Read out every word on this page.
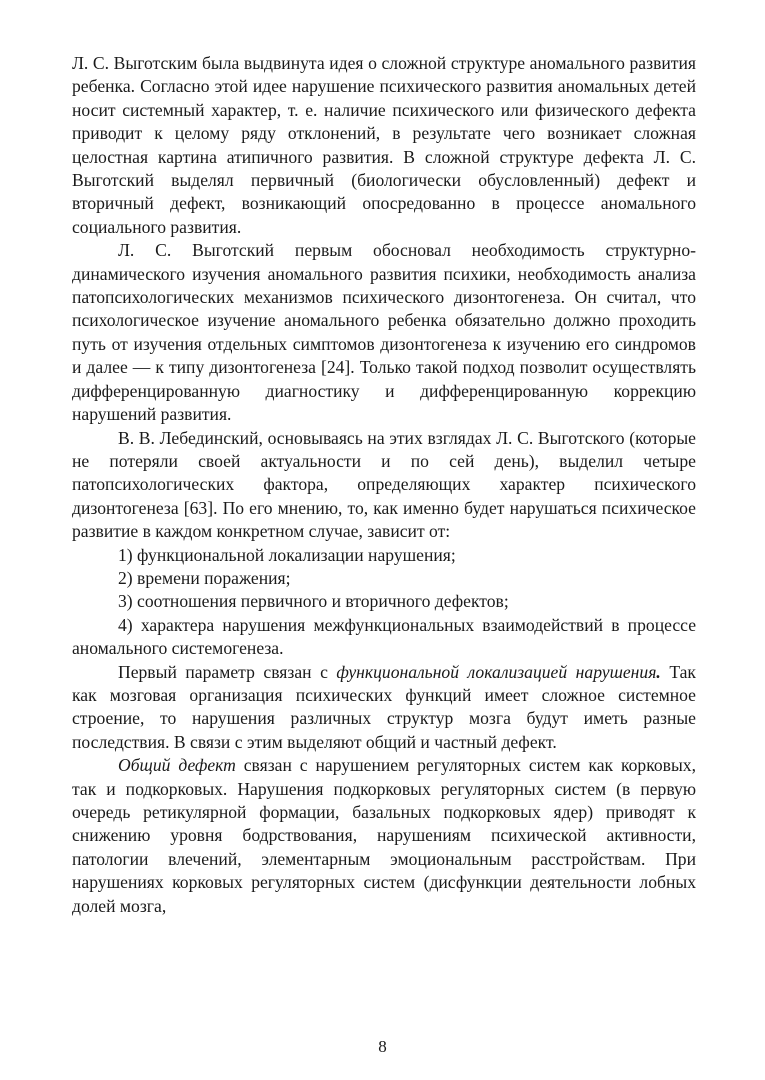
Л. С. Выготским была выдвинута идея о сложной структуре аномального развития ребенка. Согласно этой идее нарушение психического развития аномальных детей носит системный характер, т. е. наличие психического или физического дефекта приводит к целому ряду отклонений, в результате чего возникает сложная целостная картина атипичного развития. В сложной структуре дефекта Л. С. Выготский выделял первичный (биологически обусловленный) дефект и вторичный дефект, возникающий опосредованно в процессе аномального социального развития.

Л. С. Выготский первым обосновал необходимость структурно-динамического изучения аномального развития психики, необходимость анализа патопсихологических механизмов психического дизонтогенеза. Он считал, что психологическое изучение аномального ребенка обязательно должно проходить путь от изучения отдельных симптомов дизонтогенеза к изучению его синдромов и далее — к типу дизонтогенеза [24]. Только такой подход позволит осуществлять дифференцированную диагностику и дифференцированную коррекцию нарушений развития.

В. В. Лебединский, основываясь на этих взглядах Л. С. Выготского (которые не потеряли своей актуальности и по сей день), выделил четыре патопсихологических фактора, определяющих характер психического дизонтогенеза [63]. По его мнению, то, как именно будет нарушаться психическое развитие в каждом конкретном случае, зависит от:

1) функциональной локализации нарушения;

2) времени поражения;

3) соотношения первичного и вторичного дефектов;

4) характера нарушения межфункциональных взаимодействий в процессе аномального системогенеза.

Первый параметр связан с функциональной локализацией нарушения. Так как мозговая организация психических функций имеет сложное системное строение, то нарушения различных структур мозга будут иметь разные последствия. В связи с этим выделяют общий и частный дефект.

Общий дефект связан с нарушением регуляторных систем как корковых, так и подкорковых. Нарушения подкорковых регуляторных систем (в первую очередь ретикулярной формации, базальных подкорковых ядер) приводят к снижению уровня бодрствования, нарушениям психической активности, патологии влечений, элементарным эмоциональным расстройствам. При нарушениях корковых регуляторных систем (дисфункции деятельности лобных долей мозга,

8
